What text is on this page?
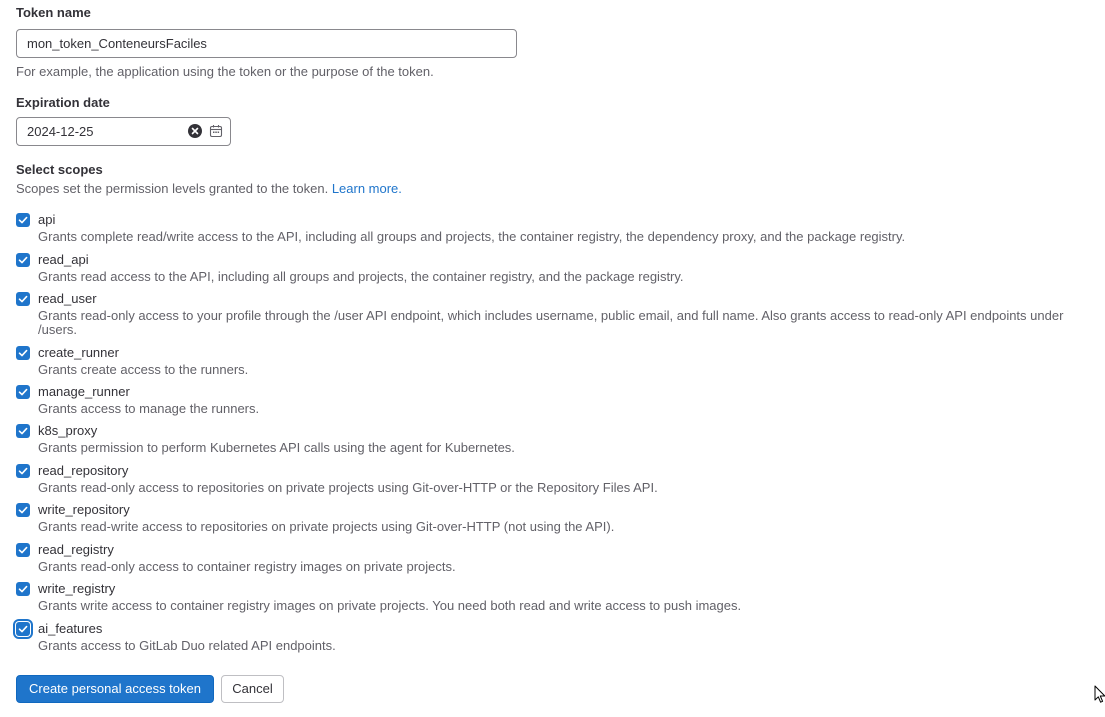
Token name
mon_token_ConteneursFaciles
For example, the application using the token or the purpose of the token.
Expiration date
2024-12-25
Select scopes
Scopes set the permission levels granted to the token. Learn more.
api
Grants complete read/write access to the API, including all groups and projects, the container registry, the dependency proxy, and the package registry.
read_api
Grants read access to the API, including all groups and projects, the container registry, and the package registry.
read_user
Grants read-only access to your profile through the /user API endpoint, which includes username, public email, and full name. Also grants access to read-only API endpoints under /users.
create_runner
Grants create access to the runners.
manage_runner
Grants access to manage the runners.
k8s_proxy
Grants permission to perform Kubernetes API calls using the agent for Kubernetes.
read_repository
Grants read-only access to repositories on private projects using Git-over-HTTP or the Repository Files API.
write_repository
Grants read-write access to repositories on private projects using Git-over-HTTP (not using the API).
read_registry
Grants read-only access to container registry images on private projects.
write_registry
Grants write access to container registry images on private projects. You need both read and write access to push images.
ai_features
Grants access to GitLab Duo related API endpoints.
Create personal access token	Cancel
